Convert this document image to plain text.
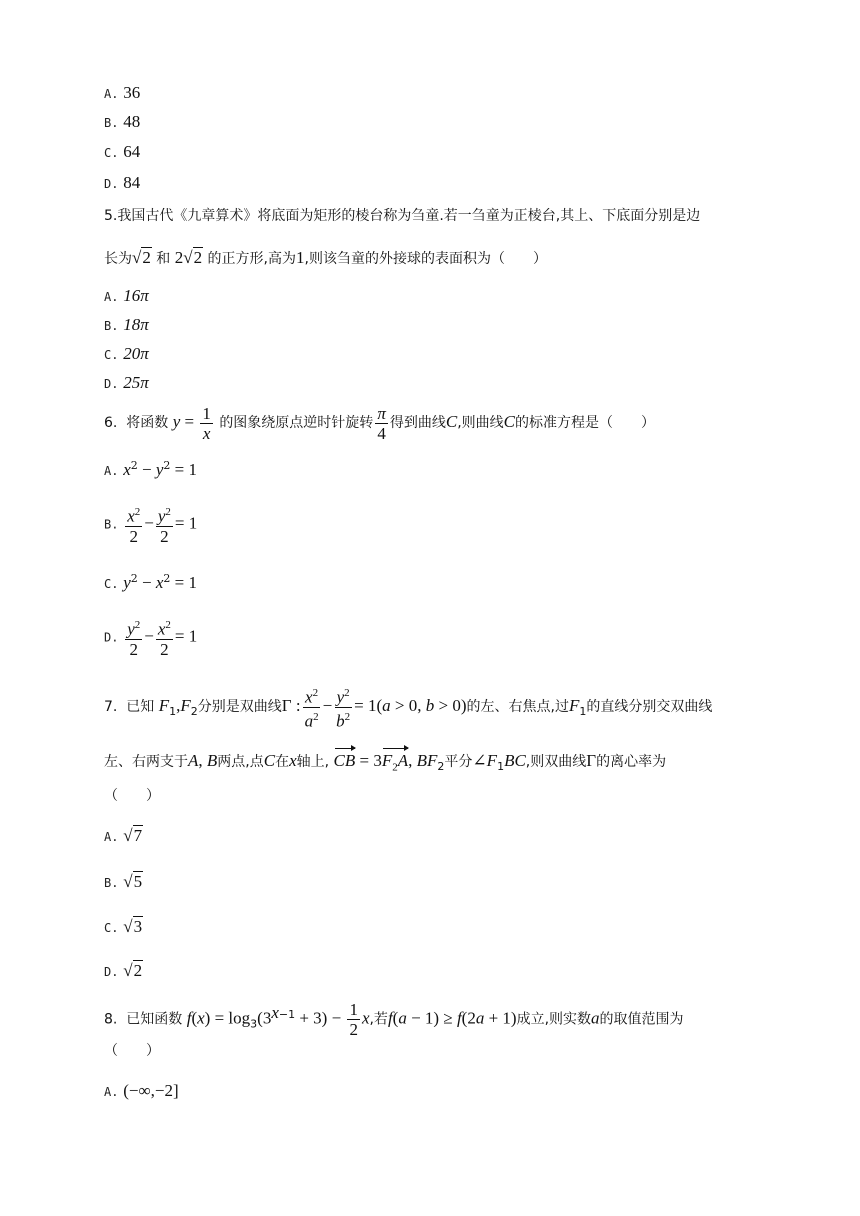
A. 36
B. 48
C. 64
D. 84
5.我国古代《九章算术》将底面为矩形的棱台称为刍童.若一刍童为正棱台,其上、下底面分别是边
长为√2 和 2√2 的正方形,高为1,则该刍童的外接球的表面积为（　　）
A. 16π
B. 18π
C. 20π
D. 25π
6. 将函数 $y = \frac{1}{x}$ 的图象绕原点逆时针旋转 $\frac{\pi}{4}$ 得到曲线C,则曲线C的标准方程是（　　）
A. $x^2 - y^2 = 1$
B. $\frac{x^2}{2} - \frac{y^2}{2} = 1$
C. $y^2 - x^2 = 1$
D. $\frac{y^2}{2} - \frac{x^2}{2} = 1$
7. 已知 $F_1,F_2$分别是双曲线Γ : $\frac{x^2}{a^2} - \frac{y^2}{b^2} = 1(a > 0$, b > 0)的左、右焦点,过$F_1$的直线分别交双曲线
左、右两支于A, B两点,点C在x轴上, CB = $3F_2A$, $BF_2$平分$\angle F_1BC$,则双曲线Γ的离心率为
（　　）
A. √7
B. √5
C. √3
D. √2
8. 已知函数 $f(x) = \log_3(3^{x-1} + 3) - \frac{1}{2} x$,若f(a − 1) ≥ f(2a + 1)成立,则实数a的取值范围为
（　　）
A. (−∞,−2]
